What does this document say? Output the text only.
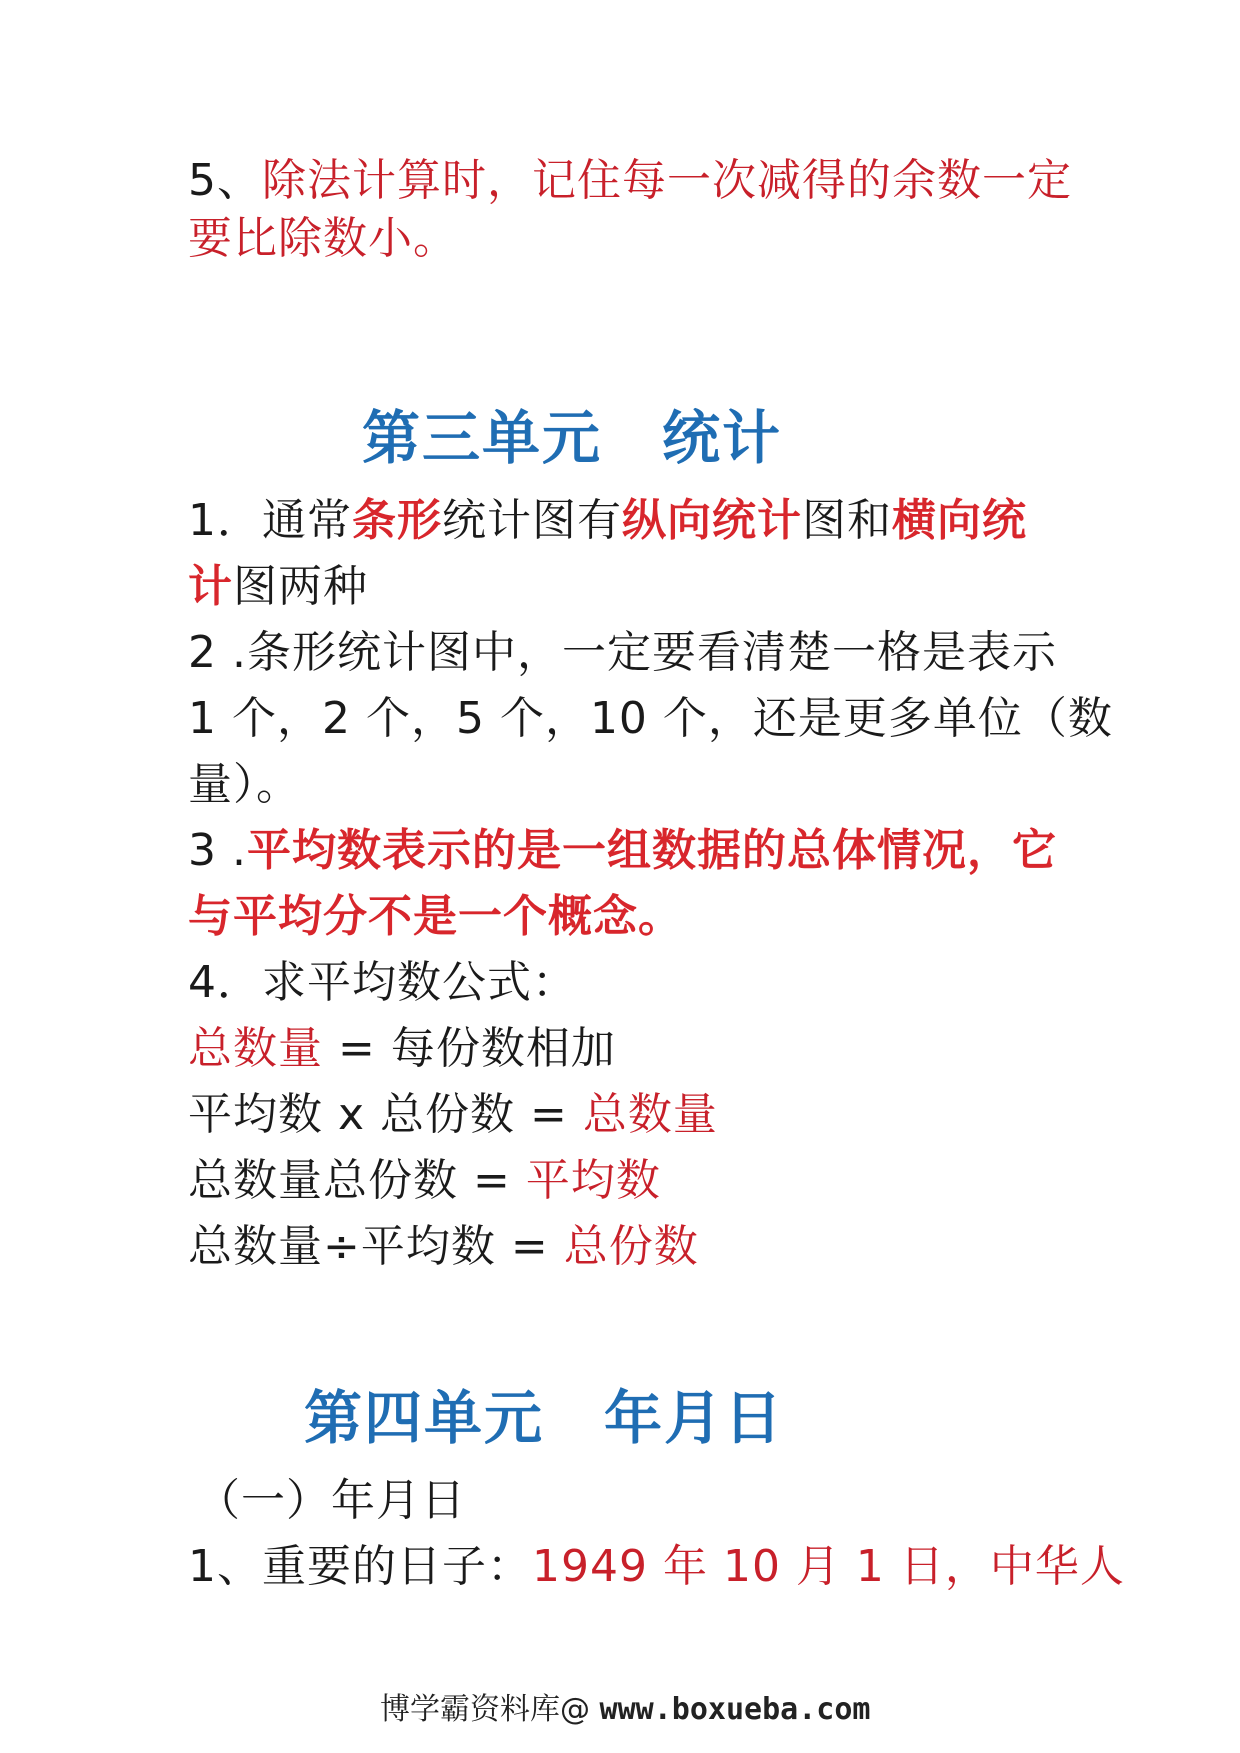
5、除法计算时，记住每一次减得的余数一定
要比除数小。
第三单元 统计
1．通常条形统计图有纵向统计图和横向统
计图两种
2 .条形统计图中，一定要看清楚一格是表示
1 个，2 个，5 个，10 个，还是更多单位（数
量）。
3 .平均数表示的是一组数据的总体情况，它
与平均分不是一个概念。
4．求平均数公式：
总数量 = 每份数相加
平均数 x 总份数 = 总数量
总数量总份数 = 平均数
总数量÷平均数 = 总份数
第四单元 年月日
（一）年月日
1、重要的日子：1949 年 10 月 1 日，中华人
博学霸资料库@ www.boxueba.com
